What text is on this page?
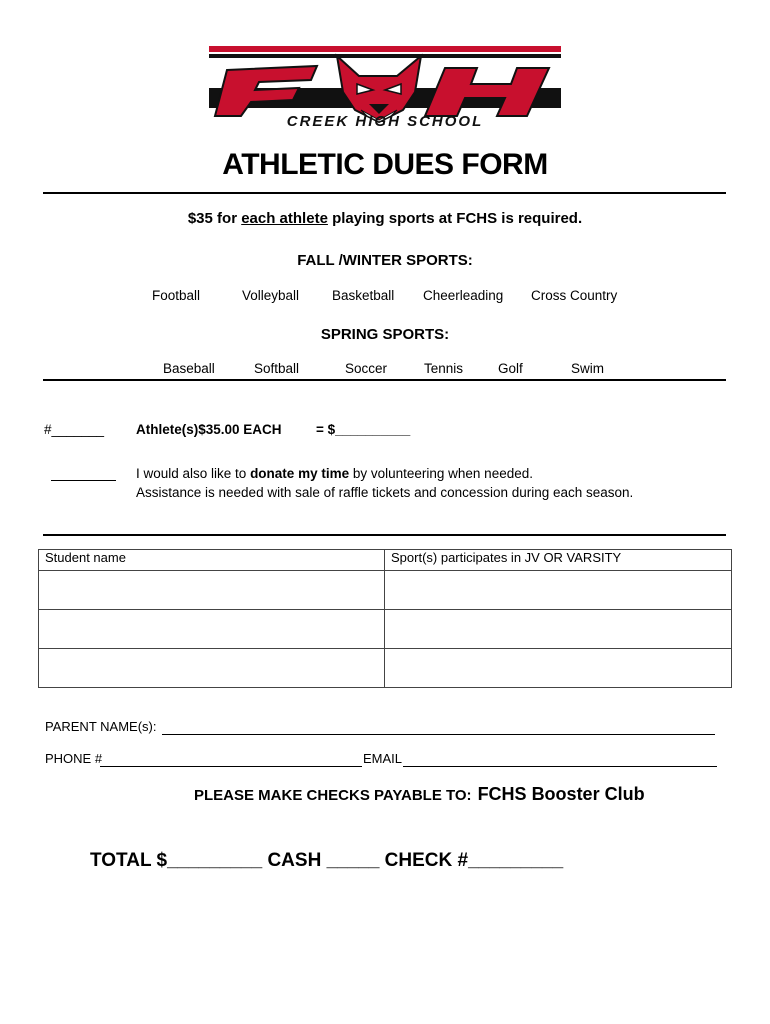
CREEK HIGH SCHOOL
ATHLETIC DUES FORM
$35 for each athlete playing sports at FCHS is required.
FALL /WINTER SPORTS:
Football	Volleyball Basketball Cheerleading Cross Country
SPRING SPORTS:
Baseball	Softball	Soccer	Tennis	Golf	Swim
#_______ Athlete(s)$35.00 EACH	= $__________
I would also like to donate my time by volunteering when needed.
Assistance is needed with sale of raffle tickets and concession during each season.
Student name	Sport(s) participates in JV OR VARSITY

PARENT NAME(s):
PHONE #	EMAIL
PLEASE MAKE CHECKS PAYABLE TO: FCHS Booster Club
TOTAL $_________ CASH _____ CHECK #_________
